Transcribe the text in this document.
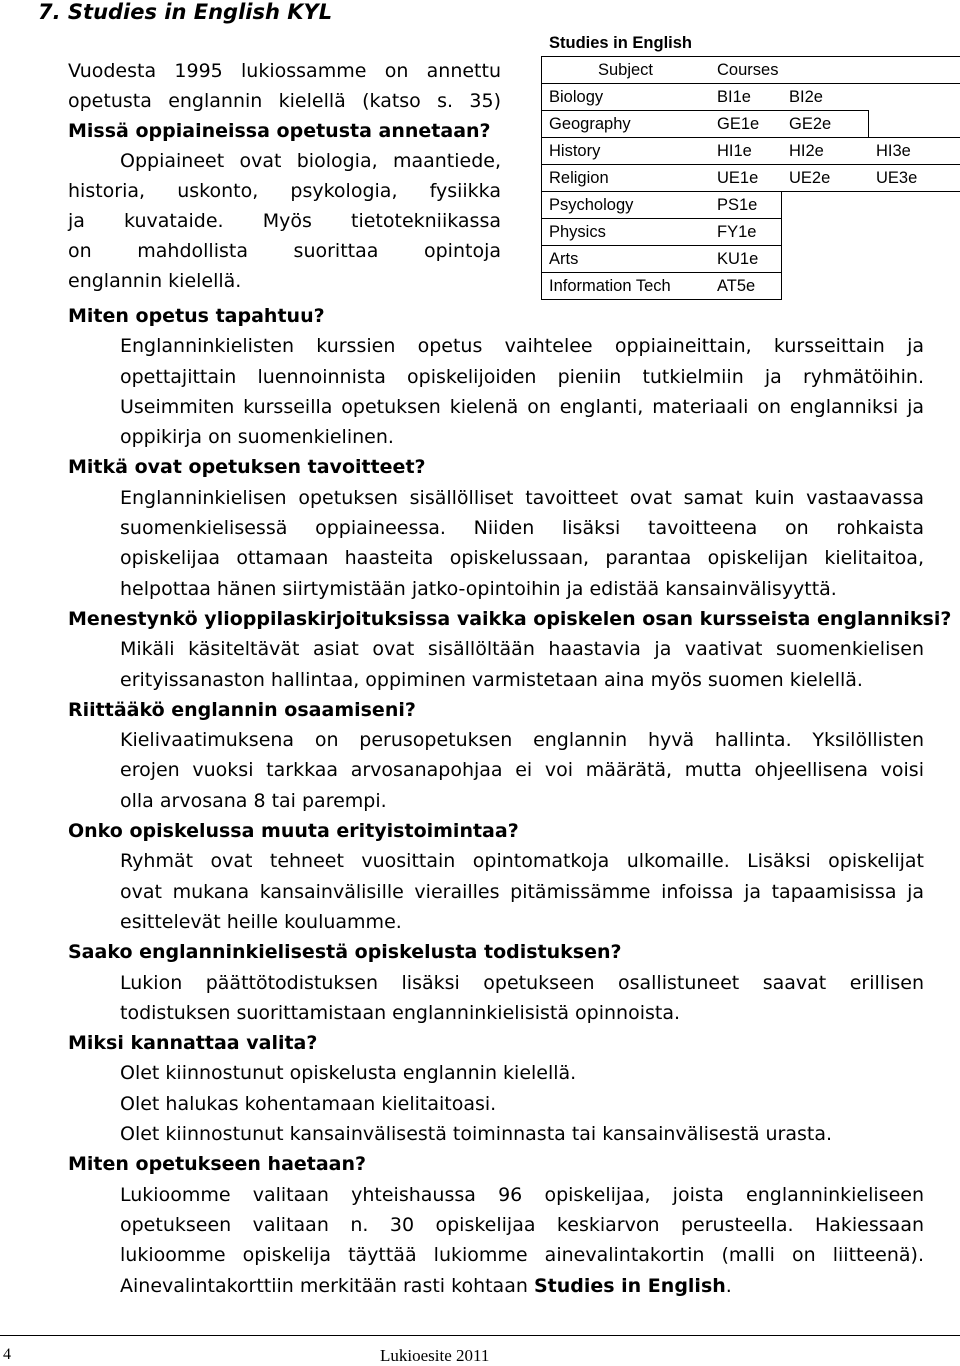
7. Studies in English KYL
Vuodesta 1995 lukiossamme on annettu
opetusta englannin kielellä (katso s. 35)
Missä oppiaineissa opetusta annetaan?
Oppiaineet ovat biologia, maantiede,
historia, uskonto, psykologia, fysiikka
ja kuvataide. Myös tietotekniikassa
on mahdollista suorittaa opintoja
englannin kielellä.
Studies in English
Subject	Courses		
Biology	BI1e	BI2e	
Geography	GE1e	GE2e	
History	HI1e	HI2e	HI3e
Religion	UE1e	UE2e	UE3e
Psychology	PS1e		
Physics	FY1e		
Arts	KU1e		
Information Tech	AT5e		
Miten opetus tapahtuu?
Englanninkielisten kurssien opetus vaihtelee oppiaineittain, kursseittain ja
opettajittain luennoinnista opiskelijoiden pieniin tutkielmiin ja ryhmätöihin.
Useimmiten kursseilla opetuksen kielenä on englanti, materiaali on englanniksi ja
oppikirja on suomenkielinen.
Mitkä ovat opetuksen tavoitteet?
Englanninkielisen opetuksen sisällölliset tavoitteet ovat samat kuin vastaavassa
suomenkielisessä oppiaineessa. Niiden lisäksi tavoitteena on rohkaista
opiskelijaa ottamaan haasteita opiskelussaan, parantaa opiskelijan kielitaitoa,
helpottaa hänen siirtymistään jatko-opintoihin ja edistää kansainvälisyyttä.
Menestynkö ylioppilaskirjoituksissa vaikka opiskelen osan kursseista englanniksi?
Mikäli käsiteltävät asiat ovat sisällöltään haastavia ja vaativat suomenkielisen
erityissanaston hallintaa, oppiminen varmistetaan aina myös suomen kielellä.
Riittääkö englannin osaamiseni?
Kielivaatimuksena on perusopetuksen englannin hyvä hallinta. Yksilöllisten
erojen vuoksi tarkkaa arvosanapohjaa ei voi määrätä, mutta ohjeellisena voisi
olla arvosana 8 tai parempi.
Onko opiskelussa muuta erityistoimintaa?
Ryhmät ovat tehneet vuosittain opintomatkoja ulkomaille. Lisäksi opiskelijat
ovat mukana kansainvälisille vierailles pitämissämme infoissa ja tapaamisissa ja
esittelevät heille kouluamme.
Saako englanninkielisestä opiskelusta todistuksen?
Lukion päättötodistuksen lisäksi opetukseen osallistuneet saavat erillisen
todistuksen suorittamistaan englanninkielisistä opinnoista.
Miksi kannattaa valita?
Olet kiinnostunut opiskelusta englannin kielellä.
Olet halukas kohentamaan kielitaitoasi.
Olet kiinnostunut kansainvälisestä toiminnasta tai kansainvälisestä urasta.
Miten opetukseen haetaan?
Lukioomme valitaan yhteishaussa 96 opiskelijaa, joista englanninkieliseen
opetukseen valitaan n. 30 opiskelijaa keskiarvon perusteella. Hakiessaan
lukioomme opiskelija täyttää lukiomme ainevalintakortin (malli on liitteenä).
Ainevalintakorttiin merkitään rasti kohtaan Studies in English.
4	Lukioesite 2011
